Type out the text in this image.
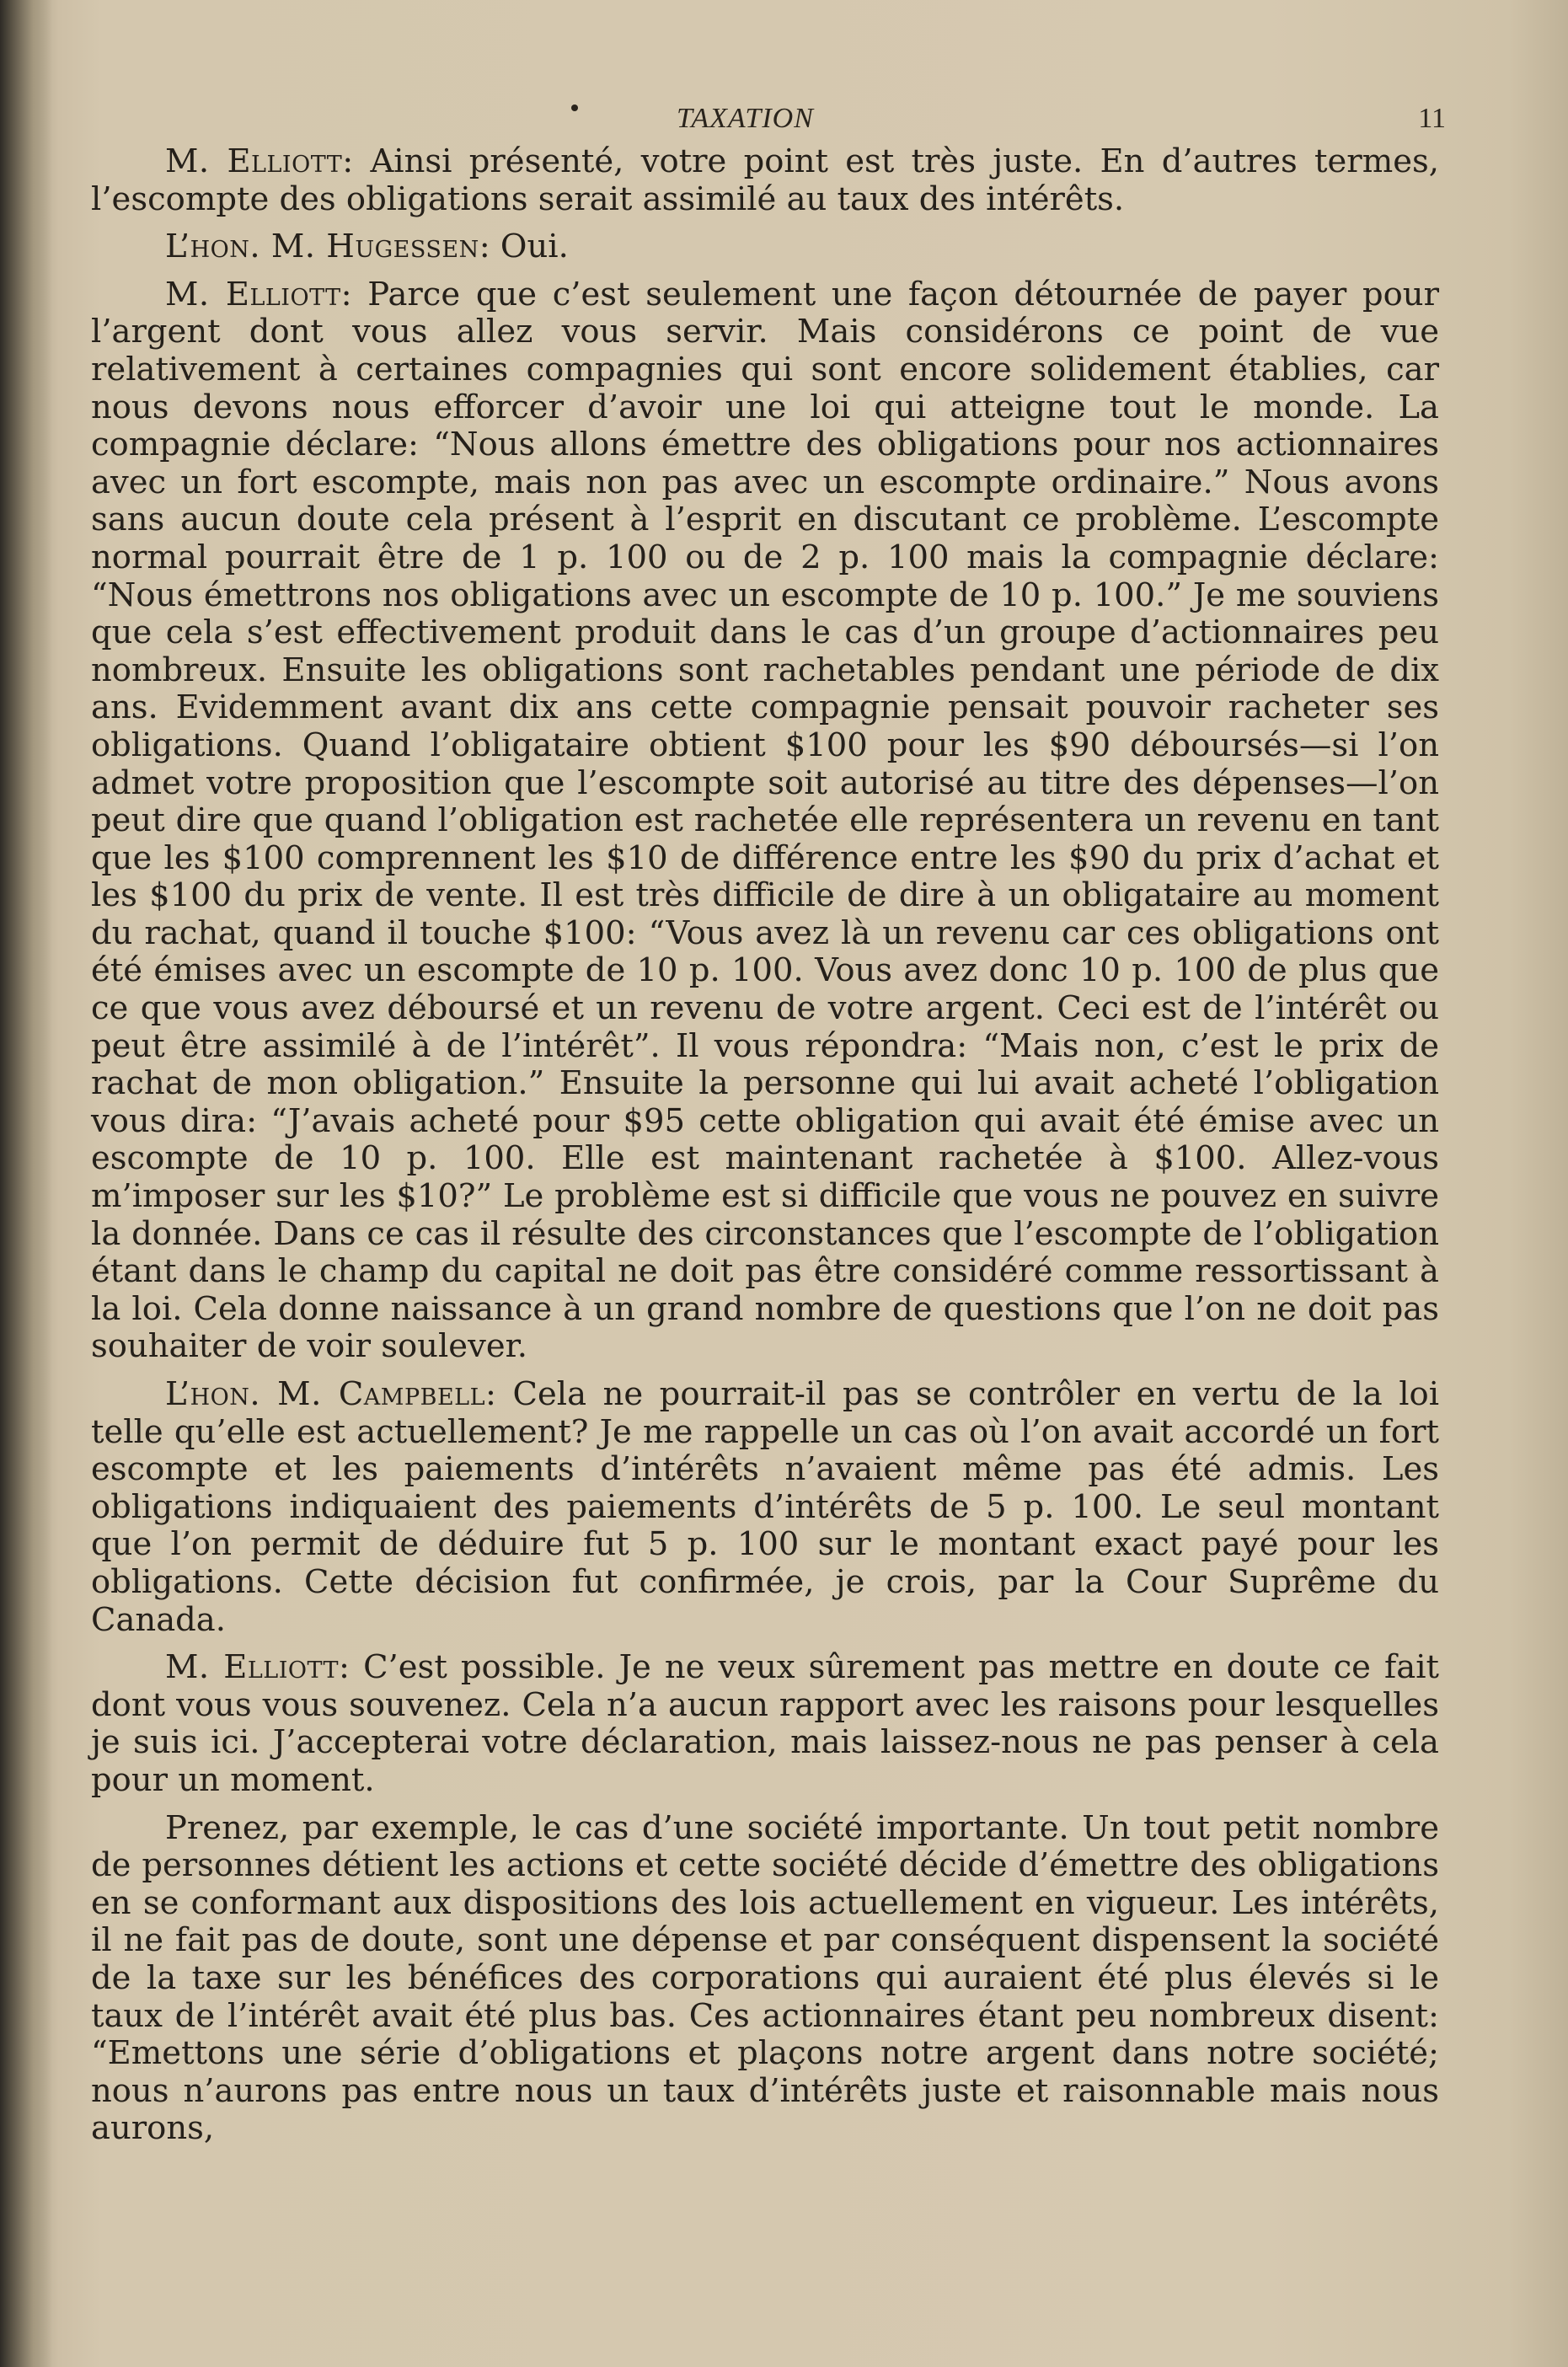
TAXATION	11

M. Elliott: Ainsi présenté, votre point est très juste. En d’autres termes, l’escompte des obligations serait assimilé au taux des intérêts.

L’hon. M. Hugessen: Oui.

M. Elliott: Parce que c’est seulement une façon détournée de payer pour l’argent dont vous allez vous servir. Mais considérons ce point de vue relativement à certaines compagnies qui sont encore solidement établies, car nous devons nous efforcer d’avoir une loi qui atteigne tout le monde. La compagnie déclare: “Nous allons émettre des obligations pour nos actionnaires avec un fort escompte, mais non pas avec un escompte ordinaire.” Nous avons sans aucun doute cela présent à l’esprit en discutant ce problème. L’escompte normal pourrait être de 1 p. 100 ou de 2 p. 100 mais la compagnie déclare: “Nous émettrons nos obligations avec un escompte de 10 p. 100.” Je me souviens que cela s’est effectivement produit dans le cas d’un groupe d’actionnaires peu nombreux. Ensuite les obligations sont rachetables pendant une période de dix ans. Evidemment avant dix ans cette compagnie pensait pouvoir racheter ses obligations. Quand l’obligataire obtient $100 pour les $90 déboursés—si l’on admet votre proposition que l’escompte soit autorisé au titre des dépenses—l’on peut dire que quand l’obligation est rachetée elle représentera un revenu en tant que les $100 comprennent les $10 de différence entre les $90 du prix d’achat et les $100 du prix de vente. Il est très difficile de dire à un obligataire au moment du rachat, quand il touche $100: “Vous avez là un revenu car ces obligations ont été émises avec un escompte de 10 p. 100. Vous avez donc 10 p. 100 de plus que ce que vous avez déboursé et un revenu de votre argent. Ceci est de l’intérêt ou peut être assimilé à de l’intérêt”. Il vous répondra: “Mais non, c’est le prix de rachat de mon obligation.” Ensuite la personne qui lui avait acheté l’obligation vous dira: “J’avais acheté pour $95 cette obligation qui avait été émise avec un escompte de 10 p. 100. Elle est maintenant rachetée à $100. Allez-vous m’imposer sur les $10?” Le problème est si difficile que vous ne pouvez en suivre la donnée. Dans ce cas il résulte des circonstances que l’escompte de l’obligation étant dans le champ du capital ne doit pas être considéré comme ressortissant à la loi. Cela donne naissance à un grand nombre de questions que l’on ne doit pas souhaiter de voir soulever.

L’hon. M. Campbell: Cela ne pourrait-il pas se contrôler en vertu de la loi telle qu’elle est actuellement? Je me rappelle un cas où l’on avait accordé un fort escompte et les paiements d’intérêts n’avaient même pas été admis. Les obligations indiquaient des paiements d’intérêts de 5 p. 100. Le seul montant que l’on permit de déduire fut 5 p. 100 sur le montant exact payé pour les obligations. Cette décision fut confirmée, je crois, par la Cour Suprême du Canada.

M. Elliott: C’est possible. Je ne veux sûrement pas mettre en doute ce fait dont vous vous souvenez. Cela n’a aucun rapport avec les raisons pour lesquelles je suis ici. J’accepterai votre déclaration, mais laissez-nous ne pas penser à cela pour un moment.

Prenez, par exemple, le cas d’une société importante. Un tout petit nombre de personnes détient les actions et cette société décide d’émettre des obligations en se conformant aux dispositions des lois actuellement en vigueur. Les intérêts, il ne fait pas de doute, sont une dépense et par conséquent dispensent la société de la taxe sur les bénéfices des corporations qui auraient été plus élevés si le taux de l’intérêt avait été plus bas. Ces actionnaires étant peu nombreux disent: “Emettons une série d’obligations et plaçons notre argent dans notre société; nous n’aurons pas entre nous un taux d’intérêts juste et raisonnable mais nous aurons,
